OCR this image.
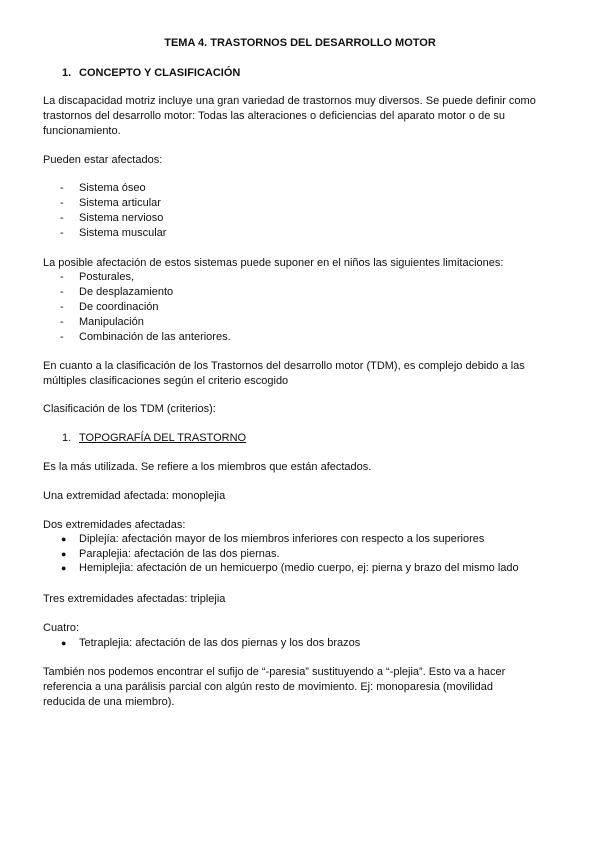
TEMA 4. TRASTORNOS DEL DESARROLLO MOTOR
1. CONCEPTO Y CLASIFICACIÓN
La discapacidad motriz incluye una gran variedad de trastornos muy diversos. Se puede definir como trastornos del desarrollo motor: Todas las alteraciones o deficiencias del aparato motor o de su funcionamiento.
Pueden estar afectados:
- Sistema óseo
- Sistema articular
- Sistema nervioso
- Sistema muscular
La posible afectación de estos sistemas puede suponer en el niños las siguientes limitaciones:
- Posturales,
- De desplazamiento
- De coordinación
- Manipulación
- Combinación de las anteriores.
En cuanto a la clasificación de los Trastornos del desarrollo motor (TDM), es complejo debido a las múltiples clasificaciones según el criterio escogido
Clasificación de los TDM (criterios):
1. TOPOGRAFÍA DEL TRASTORNO
Es la más utilizada. Se refiere a los miembros que están afectados.
Una extremidad afectada: monoplejia
Dos extremidades afectadas:
● Diplejía: afectación mayor de los miembros inferiores con respecto a los superiores
● Paraplejia: afectación de las dos piernas.
● Hemiplejia: afectación de un hemicuerpo (medio cuerpo, ej: pierna y brazo del mismo lado
Tres extremidades afectadas: triplejia
Cuatro:
● Tetraplejia: afectación de las dos piernas y los dos brazos
También nos podemos encontrar el sufijo de “-paresia” sustituyendo a “-plejia”. Esto va a hacer referencia a una parálisis parcial con algún resto de movimiento. Ej: monoparesia (movilidad reducida de una miembro).
